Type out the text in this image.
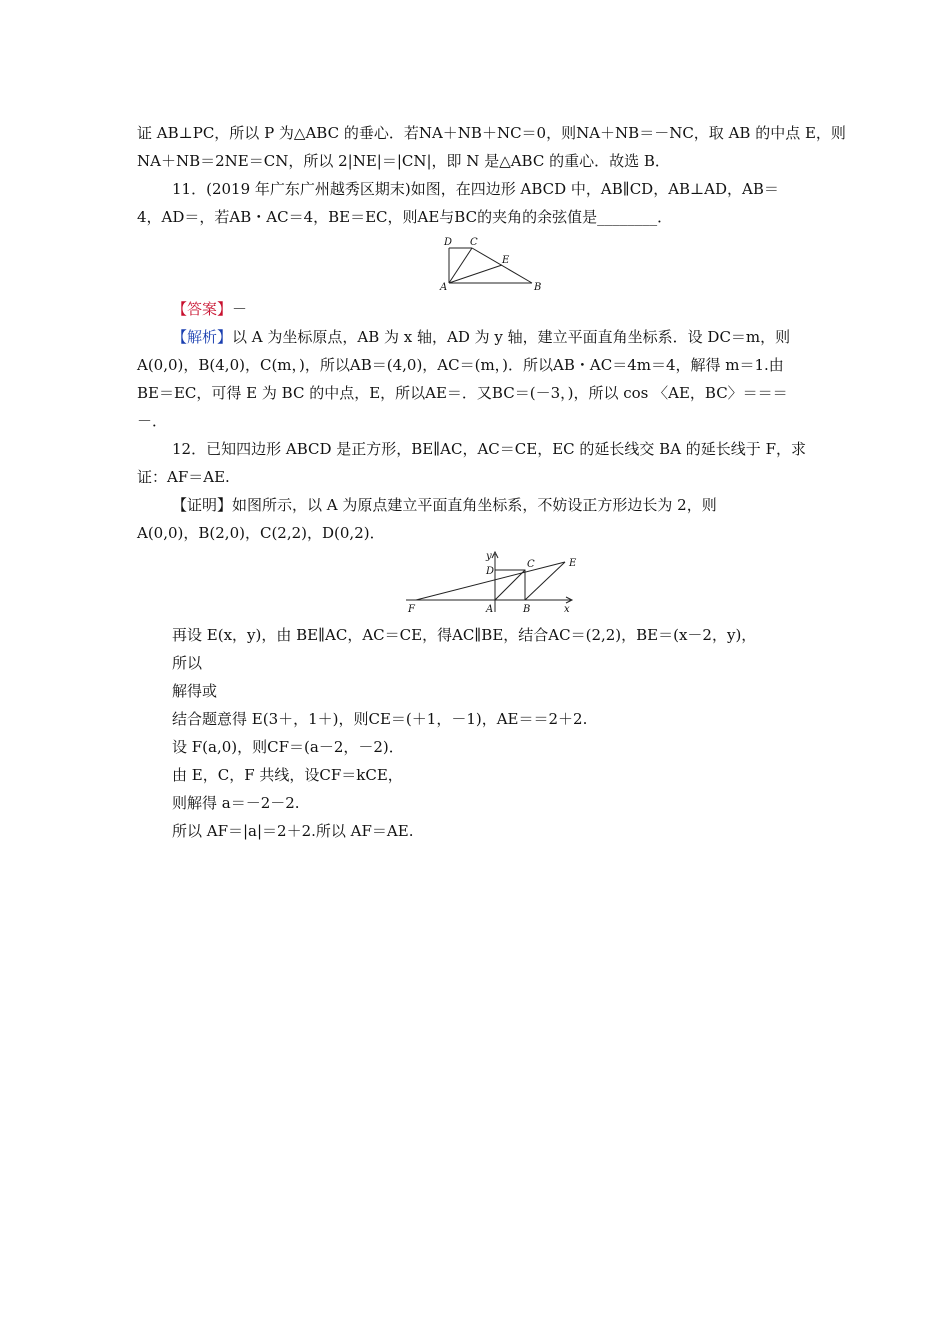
证 AB⊥PC，所以 P 为△ABC 的垂心．若NA＋NB＋NC＝0，则NA＋NB＝－NC，取 AB 的中点 E，则
NA＋NB＝2NE＝CN，所以 2|NE|＝|CN|，即 N 是△ABC 的重心．故选 B．
11．(2019 年广东广州越秀区期末)如图，在四边形 ABCD 中，AB∥CD，AB⊥AD，AB＝
4，AD＝，若AB・AC＝4，BE＝EC，则AE与BC的夹角的余弦值是________．
D C
E
A	B
【答案】－
【解析】以 A 为坐标原点，AB 为 x 轴，AD 为 y 轴，建立平面直角坐标系．设 DC＝m，则
A(0,0)，B(4,0)，C(m，)，所以AB＝(4,0)，AC＝(m，)．所以AB・AC＝4m＝4，解得 m＝1.由
BE＝EC，可得 E 为 BC 的中点，E，所以AE＝．又BC＝(－3，)，所以 cos 〈AE，BC〉＝＝＝
－．
12．已知四边形 ABCD 是正方形，BE∥AC，AC＝CE，EC 的延长线交 BA 的延长线于 F，求
证：AF＝AE.
【证明】如图所示，以 A 为原点建立平面直角坐标系，不妨设正方形边长为 2，则
A(0,0)，B(2,0)，C(2,2)，D(0,2)．
y
D
C	E
F	A	B	x
再设 E(x，y)，由 BE∥AC，AC＝CE，得AC∥BE，结合AC＝(2,2)，BE＝(x－2，y)，
所以
解得或
结合题意得 E(3＋，1＋)，则CE＝(＋1，－1)，AE＝＝2＋2.
设 F(a,0)，则CF＝(a－2，－2)．
由 E，C，F 共线，设CF＝kCE，
则解得 a＝－2－2.
所以 AF＝|a|＝2＋2.所以 AF＝AE.
